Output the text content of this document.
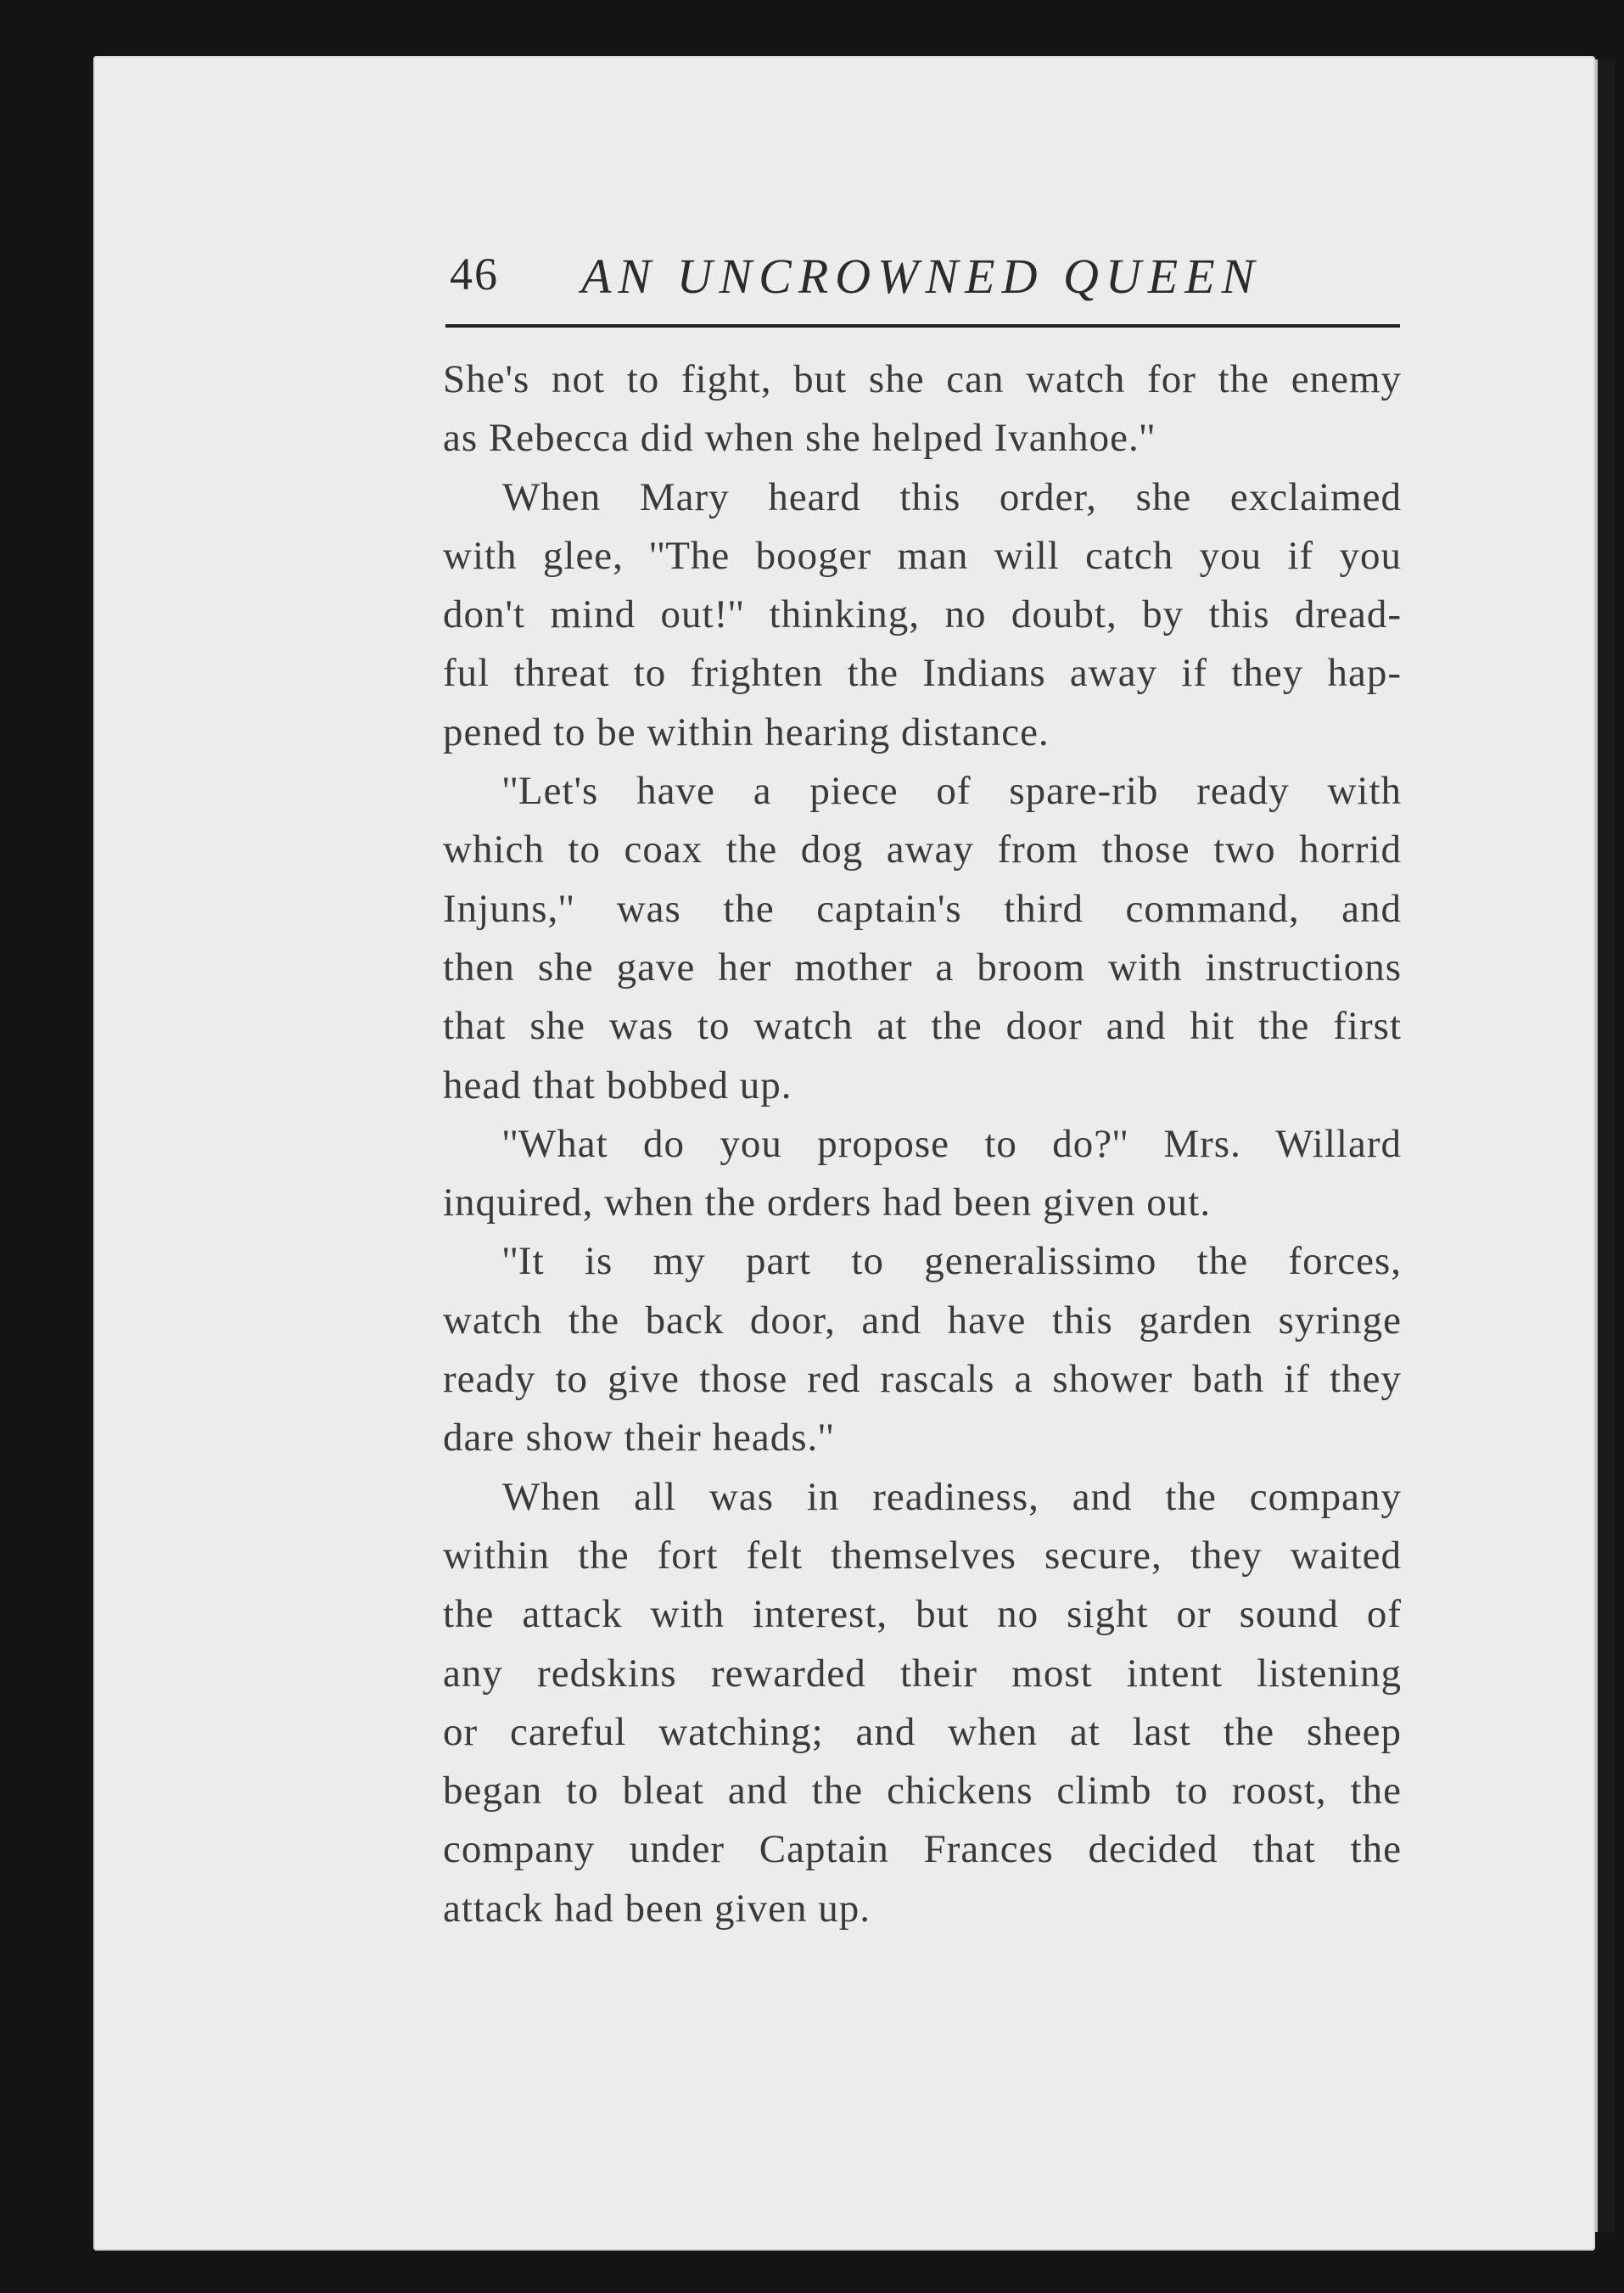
46 AN UNCROWNED QUEEN

She's not to fight, but she can watch for the enemy
as Rebecca did when she helped Ivanhoe.''

When Mary heard this order, she exclaimed
with glee, ''The booger man will catch you if you
don't mind out!'' thinking, no doubt, by this dread-
ful threat to frighten the Indians away if they hap-
pened to be within hearing distance.

''Let's have a piece of spare-rib ready with
which to coax the dog away from those two horrid
Injuns,'' was the captain's third command, and
then she gave her mother a broom with instructions
that she was to watch at the door and hit the first
head that bobbed up.

''What do you propose to do?'' Mrs. Willard
inquired, when the orders had been given out.

''It is my part to generalissimo the forces,
watch the back door, and have this garden syringe
ready to give those red rascals a shower bath if they
dare show their heads.''

When all was in readiness, and the company
within the fort felt themselves secure, they waited
the attack with interest, but no sight or sound of
any redskins rewarded their most intent listening
or careful watching; and when at last the sheep
began to bleat and the chickens climb to roost, the
company under Captain Frances decided that the
attack had been given up.
